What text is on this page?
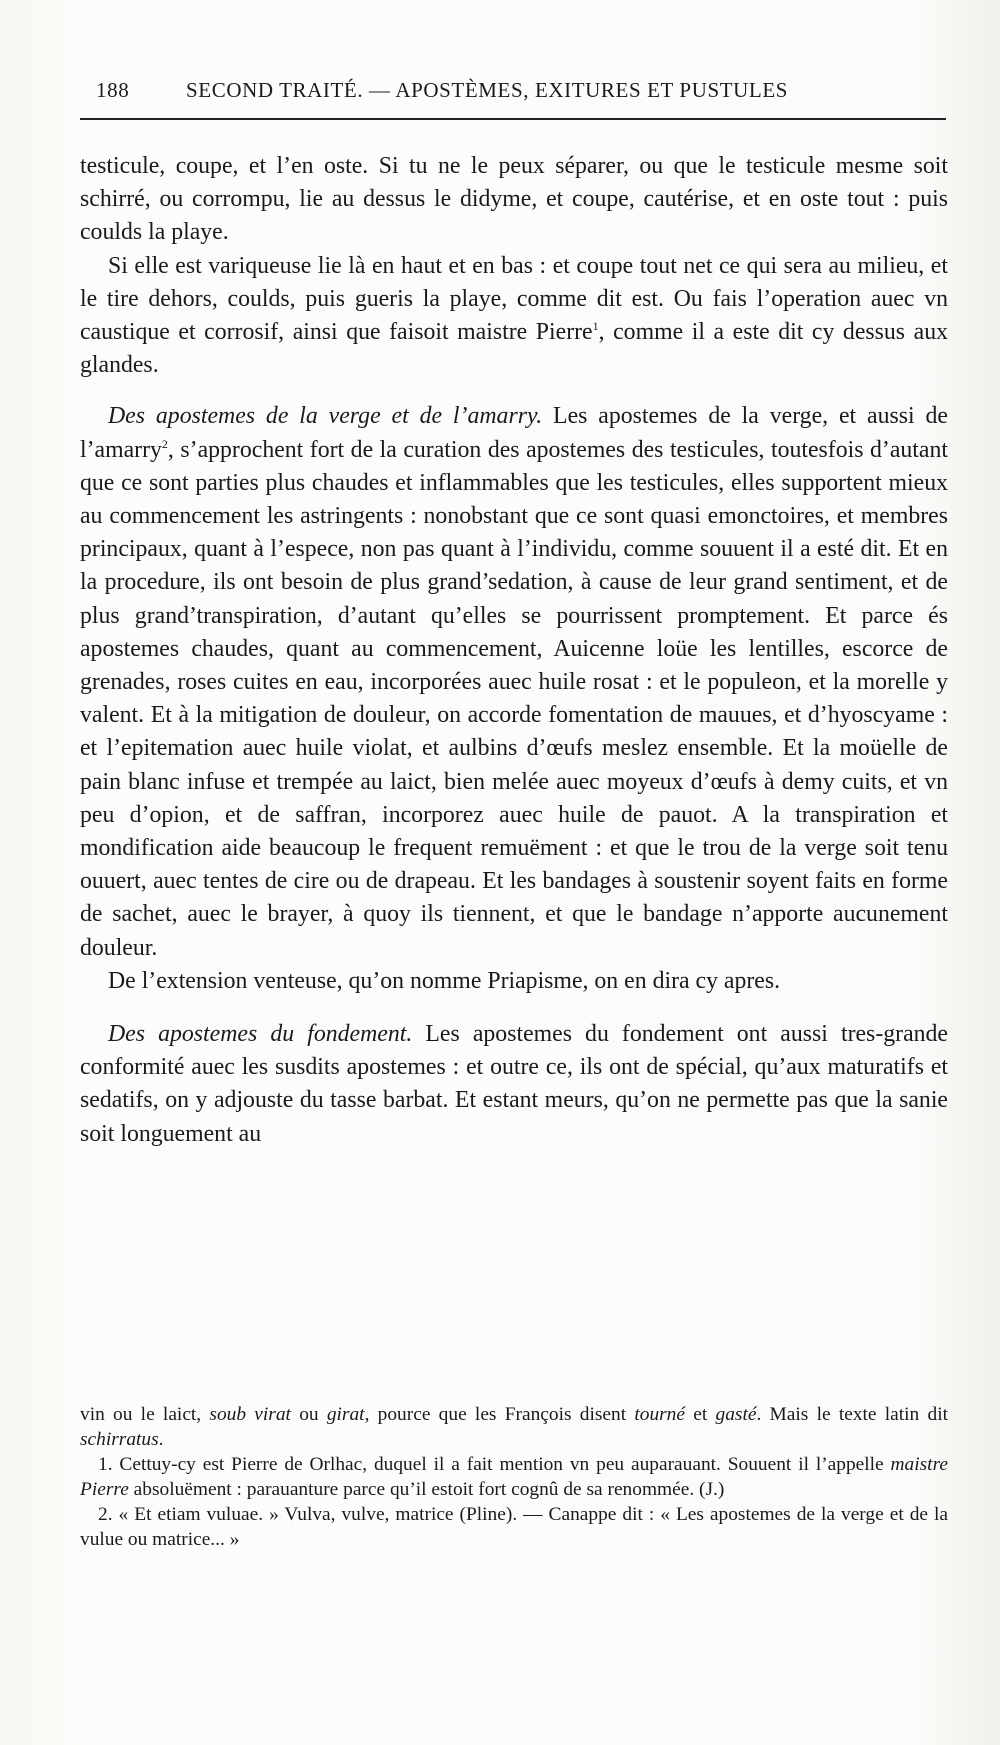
188	SECOND TRAITÉ. — APOSTÈMES, EXITURES ET PUSTULES

testicule, coupe, et l’en oste. Si tu ne le peux séparer, ou que le testicule mesme soit schirré, ou corrompu, lie au dessus le didyme, et coupe, cautérise, et en oste tout : puis coulds la playe.

Si elle est variqueuse lie là en haut et en bas : et coupe tout net ce qui sera au milieu, et le tire dehors, coulds, puis gueris la playe, comme dit est. Ou fais l’operation auec vn caustique et corrosif, ainsi que faisoit maistre Pierre$^1$, comme il a este dit cy dessus aux glandes.

Des apostemes de la verge et de l’amarry. Les apostemes de la verge, et aussi de l’amarry$^2$, s’approchent fort de la curation des apostemes des testicules, toutesfois d’autant que ce sont parties plus chaudes et inflammables que les testicules, elles supportent mieux au commencement les astringents : nonobstant que ce sont quasi emonctoires, et membres principaux, quant à l’espece, non pas quant à l’individu, comme souuent il a esté dit. Et en la procedure, ils ont besoin de plus grand’sedation, à cause de leur grand sentiment, et de plus grand’transpiration, d’autant qu’elles se pourrissent promptement. Et parce és apostemes chaudes, quant au commencement, Auicenne loüe les lentilles, escorce de grenades, roses cuites en eau, incorporées auec huile rosat : et le populeon, et la morelle y valent. Et à la mitigation de douleur, on accorde fomentation de mauues, et d’hyoscyame : et l’epitemation auec huile violat, et aulbins d’œufs meslez ensemble. Et la moüelle de pain blanc infuse et trempée au laict, bien melée auec moyeux d’œufs à demy cuits, et vn peu d’opion, et de saffran, incorporez auec huile de pauot. A la transpiration et mondification aide beaucoup le frequent remuëment : et que le trou de la verge soit tenu ouuert, auec tentes de cire ou de drapeau. Et les bandages à soustenir soyent faits en forme de sachet, auec le brayer, à quoy ils tiennent, et que le bandage n’apporte aucunement douleur.

De l’extension venteuse, qu’on nomme Priapisme, on en dira cy apres.

Des apostemes du fondement. Les apostemes du fondement ont aussi tres-grande conformité auec les susdits apostemes : et outre ce, ils ont de spécial, qu’aux maturatifs et sedatifs, on y adjouste du tasse barbat. Et estant meurs, qu’on ne permette pas que la sanie soit longuement au

vin ou le laict, soub virat ou girat, pource que les François disent tourné et gasté. Mais le texte latin dit schirratus.

1. Cettuy-cy est Pierre de Orlhac, duquel il a fait mention vn peu auparauant. Souuent il l’appelle maistre Pierre absoluëment : parauanture parce qu’il estoit fort cognû de sa renommée. (J.)

2. « Et etiam vuluae. » Vulva, vulve, matrice (Pline). — Canappe dit : « Les apostemes de la verge et de la vulue ou matrice... »
